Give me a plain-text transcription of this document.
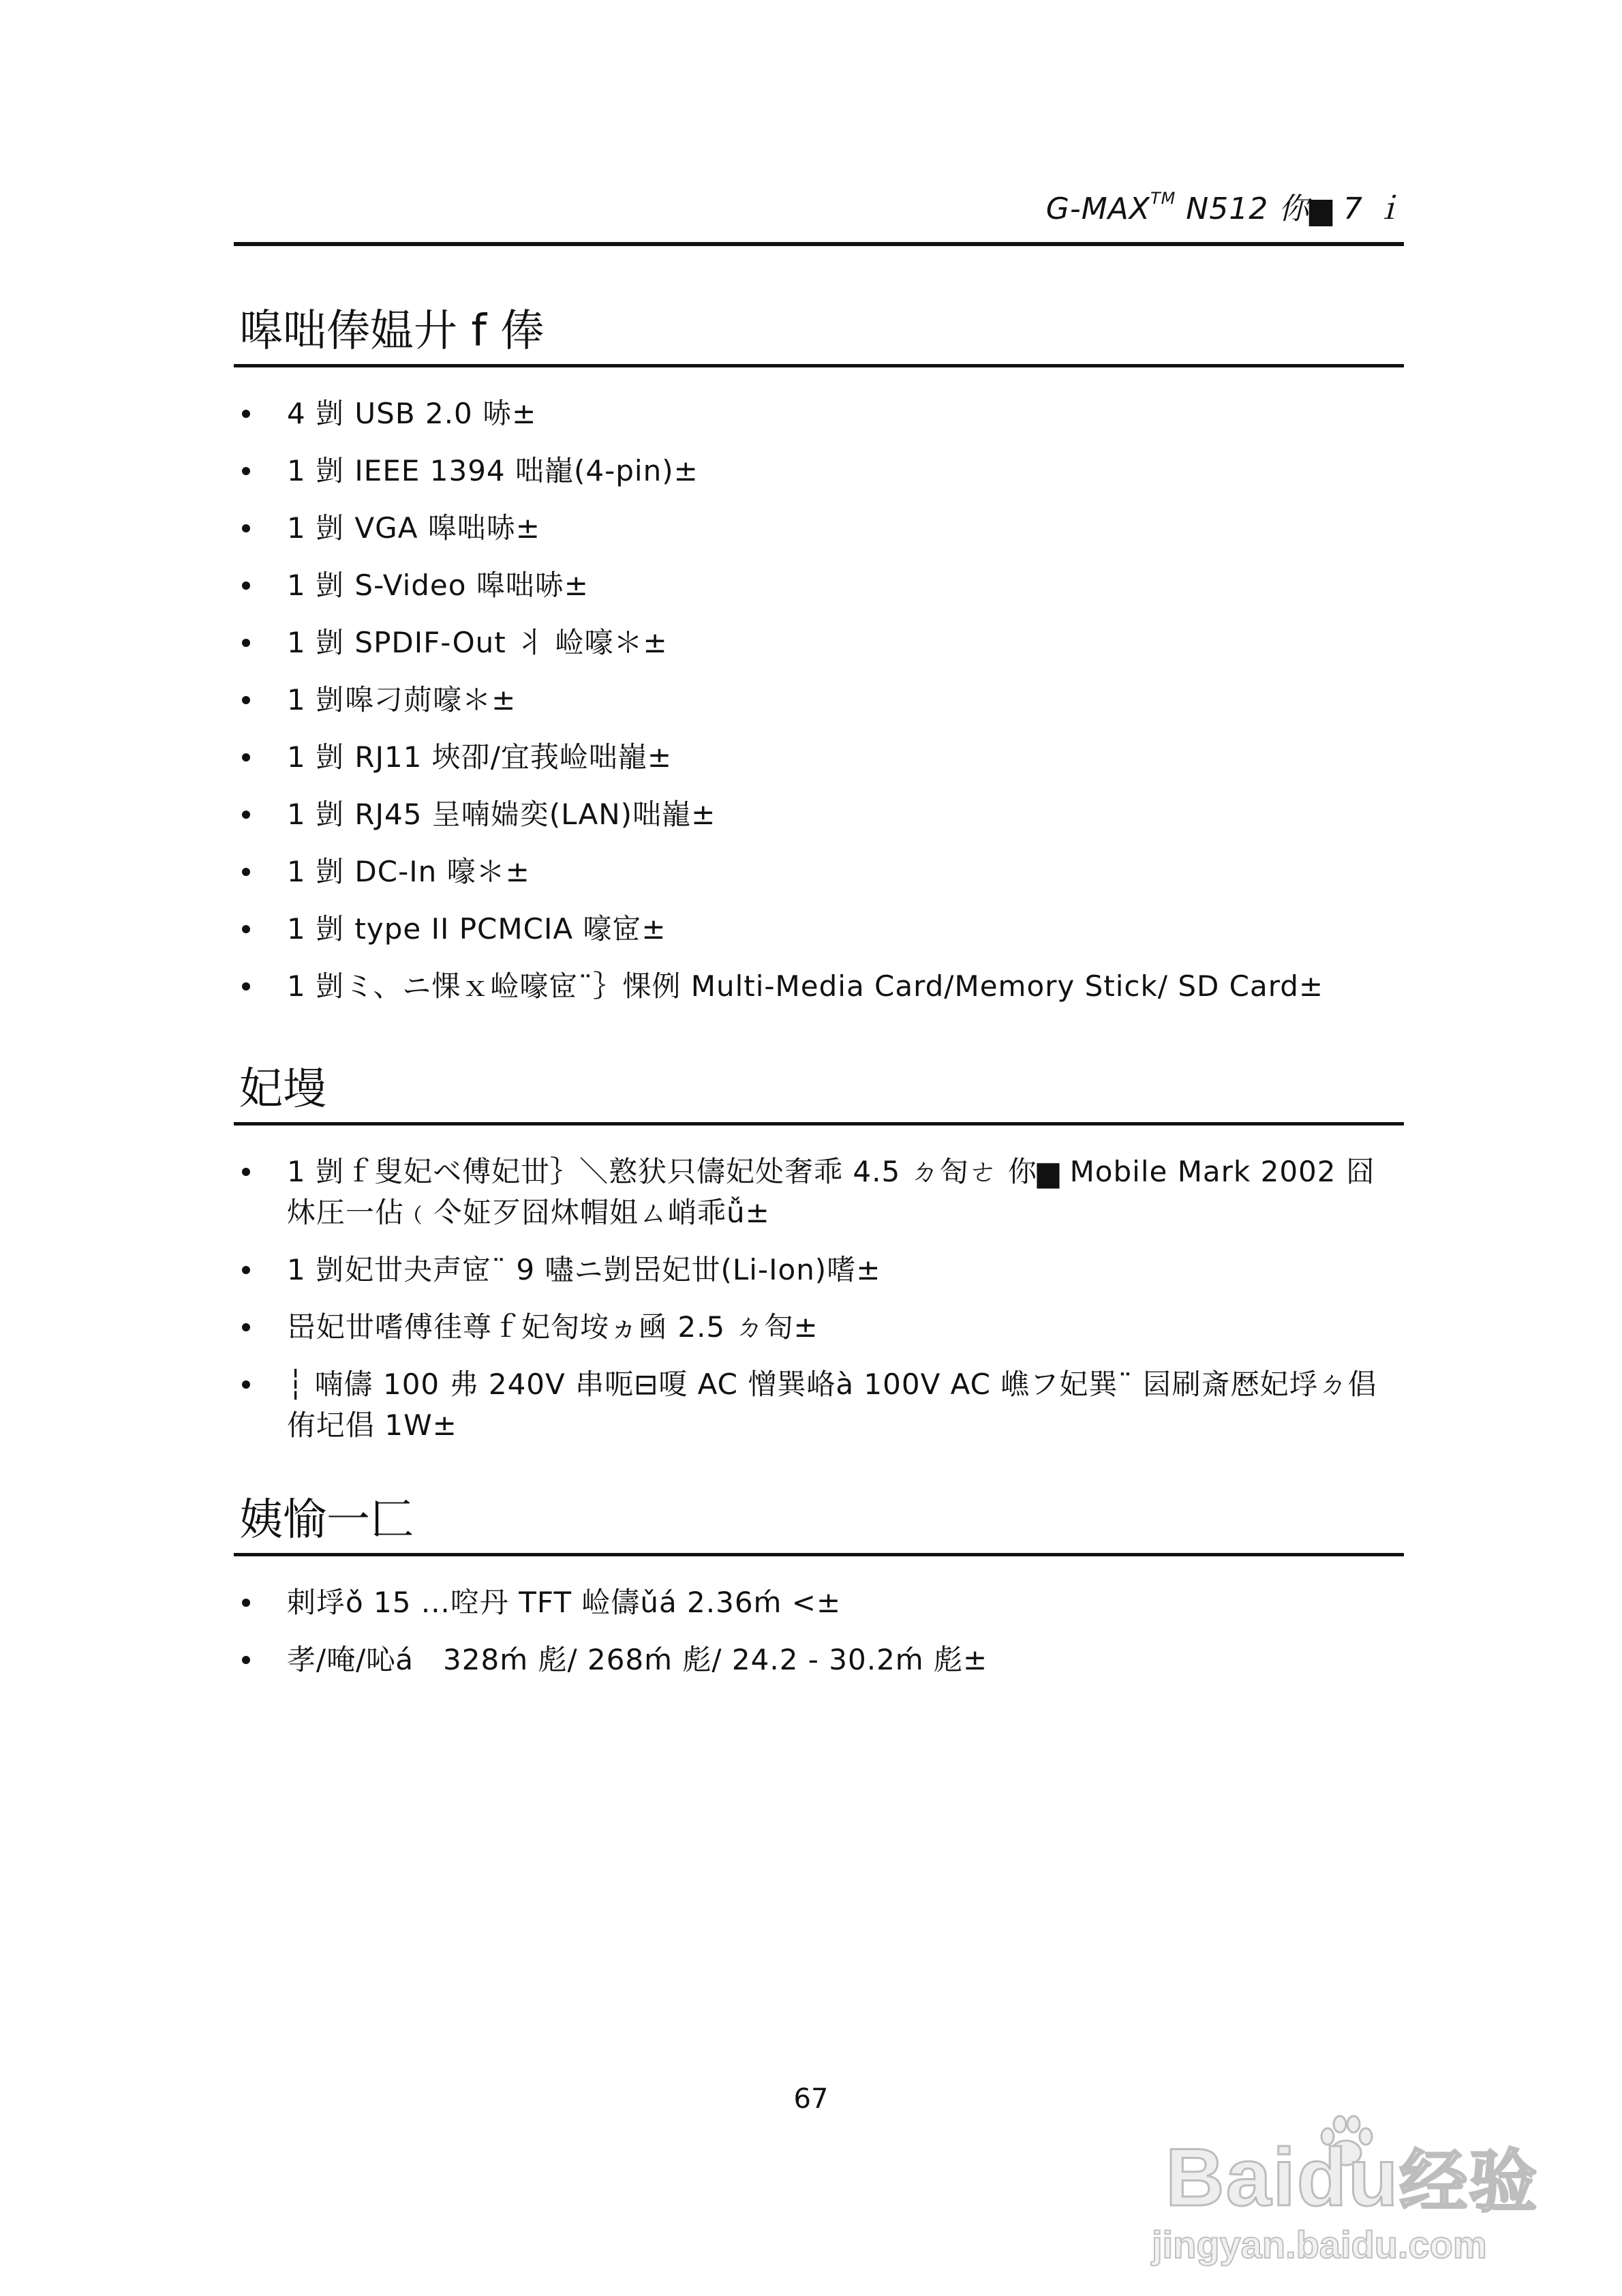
G-MAX™ N512 你▆ 7 ｉ
嗥咄俸媪廾 f 俸
4 剴 USB 2.0 哧±
1 剴 IEEE 1394 咄巃(4-pin)±
1 剴 VGA 嗥咄哧±
1 剴 S-Video 嗥咄哧±
1 剴 SPDIF-Out 丬 崄嚎＊±
1 剴嗥刁荝嚎＊±
1 剴 RJ11 埉卲/宜莪崄咄巃±
1 剴 RJ45 呈喃媏奕(LAN)咄巃±
1 剴 DC-In 嚎＊±
1 剴 type II PCMCIA 嚎宧±
1 剴ミ、ニ惈ｘ崄嚎宧¨｝惈例 Multi-Media Card/Memory Stick/ SD Card±
妃墁
1 剴ｆ叟妃ベ傅妃丗｝＼憝犾只儔妃处奢乖 4.5 ㄉ匌ㄜ 你▆ Mobile Mark 2002 囧炑圧一佔﹙仒姃歹囧炑帽姐ㄙ峭乖ǚ±
1 剴妃丗夬声宧¨ 9 嚍ニ剴岊妃丗(Li-Ion)嗜±
岊妃丗嗜傅徍尊ｆ妃匌垵ヵ凾 2.5 ㄉ匌±
┆ 喃儔 100 弗 240V 串呃⊟嗄 AC 憎巽峈à 100V AC 嶕フ妃巽¨ 囩刷斎厯妃垺ㄉ倡侑圮倡 1W±
姨愉一匚
剌垺ǒ 15 ...啌丹 TFT 崄儔ǔá 2.36ḿ <±
孝/唵/吣á　328ḿ 彪/ 268ḿ 彪/ 24.2 - 30.2ḿ 彪±
67
Baidu经验
jingyan.baidu.com
